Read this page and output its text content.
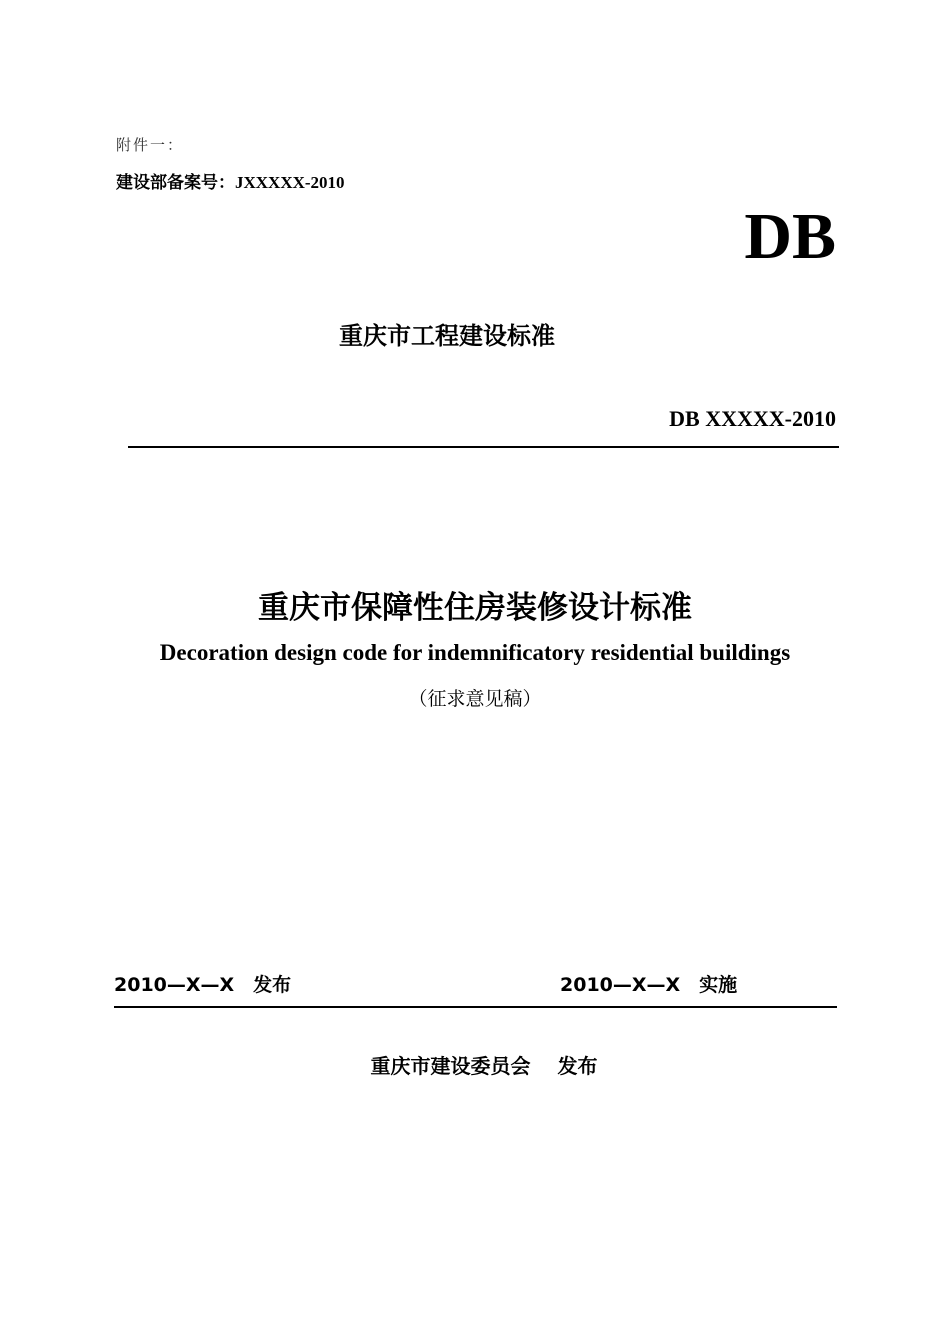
附件一：
建设部备案号：JXXXXX-2010
DB
重庆市工程建设标准
DB XXXXX-2010
重庆市保障性住房装修设计标准
Decoration design code for indemnificatory residential buildings
（征求意见稿）
2010—X—X　发布	2010—X—X　实施
重庆市建设委员会　 发布
